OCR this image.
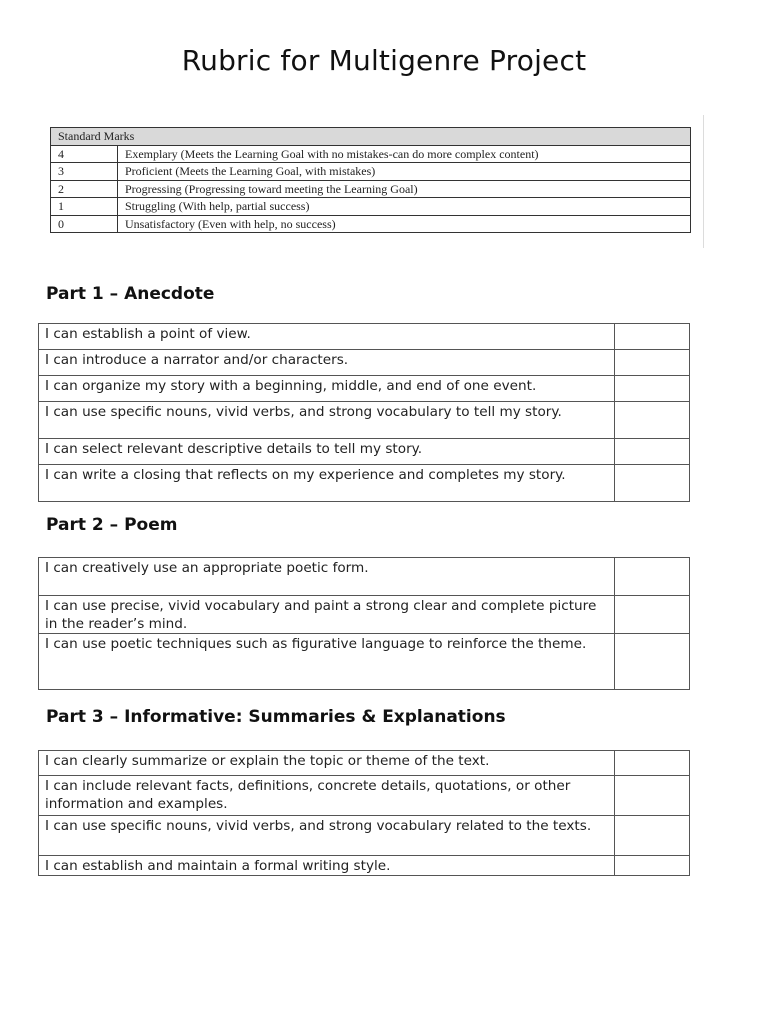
Rubric for Multigenre Project
Standard Marks	
4	Exemplary (Meets the Learning Goal with no mistakes-can do more complex content)
3	Proficient (Meets the Learning Goal, with mistakes)
2	Progressing (Progressing toward meeting the Learning Goal)
1	Struggling (With help, partial success)
0	Unsatisfactory (Even with help, no success)
Part 1 – Anecdote
I can establish a point of view.	
I can introduce a narrator and/or characters.	
I can organize my story with a beginning, middle, and end of one event.	
I can use specific nouns, vivid verbs, and strong vocabulary to tell my story.	
I can select relevant descriptive details to tell my story.	
I can write a closing that reflects on my experience and completes my story.	
Part 2 – Poem
I can creatively use an appropriate poetic form.	
I can use precise, vivid vocabulary and paint a strong clear and complete picture in the reader’s mind.	
I can use poetic techniques such as figurative language to reinforce the theme.	
Part 3 – Informative: Summaries & Explanations
I can clearly summarize or explain the topic or theme of the text.	
I can include relevant facts, definitions, concrete details, quotations, or other information and examples.	
I can use specific nouns, vivid verbs, and strong vocabulary related to the texts.	
I can establish and maintain a formal writing style.	
